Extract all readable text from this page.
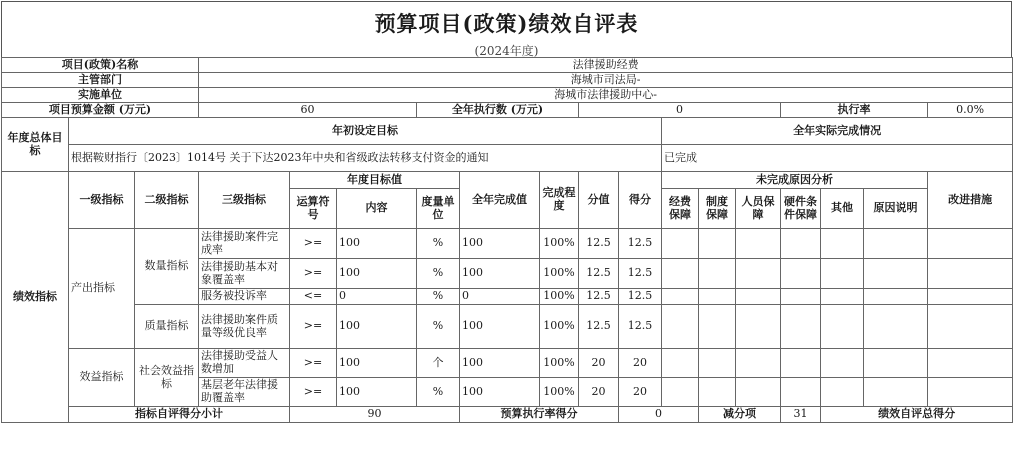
预算项目(政策)绩效自评表
(2024年度)
项目(政策)名称			法律援助经费															
主管部门			海城市司法局-															
实施单位			海城市法律援助中心-															
项目预算金额 (万元)			60			全年执行数 (万元)			0					执行率			0.0%	
年度总体目标	年初设定目标										全年实际完成情况							
	根据鞍财指行〔2023〕1014号 关于下达2023年中央和省级政法转移支付资金的通知										已完成							
绩效指标	一级指标	二级指标	三级指标	年度目标值			全年完成值	完成程度	分值	得分	未完成原因分析						改进措施	
				运算符号	内容	度量单位					经费保障	制度保障	人员保障	硬件条件保障	其他	原因说明		
	产出指标	数量指标	法律援助案件完成率	>=	100	%	100	100%	12.5	12.5								
			法律援助基本对象覆盖率	>=	100	%	100	100%	12.5	12.5								
			服务被投诉率	<=	0	%	0	100%	12.5	12.5								
		质量指标	法律援助案件质量等级优良率	>=	100	%	100	100%	12.5	12.5								
	效益指标	社会效益指标	法律援助受益人数增加	>=	100	个	100	100%	20	20								
			基层老年法律援助覆盖率	>=	100	%	100	100%	20	20								
	指标自评得分小计			90			预算执行率得分			0		减分项		31	绩效自评总得分	
